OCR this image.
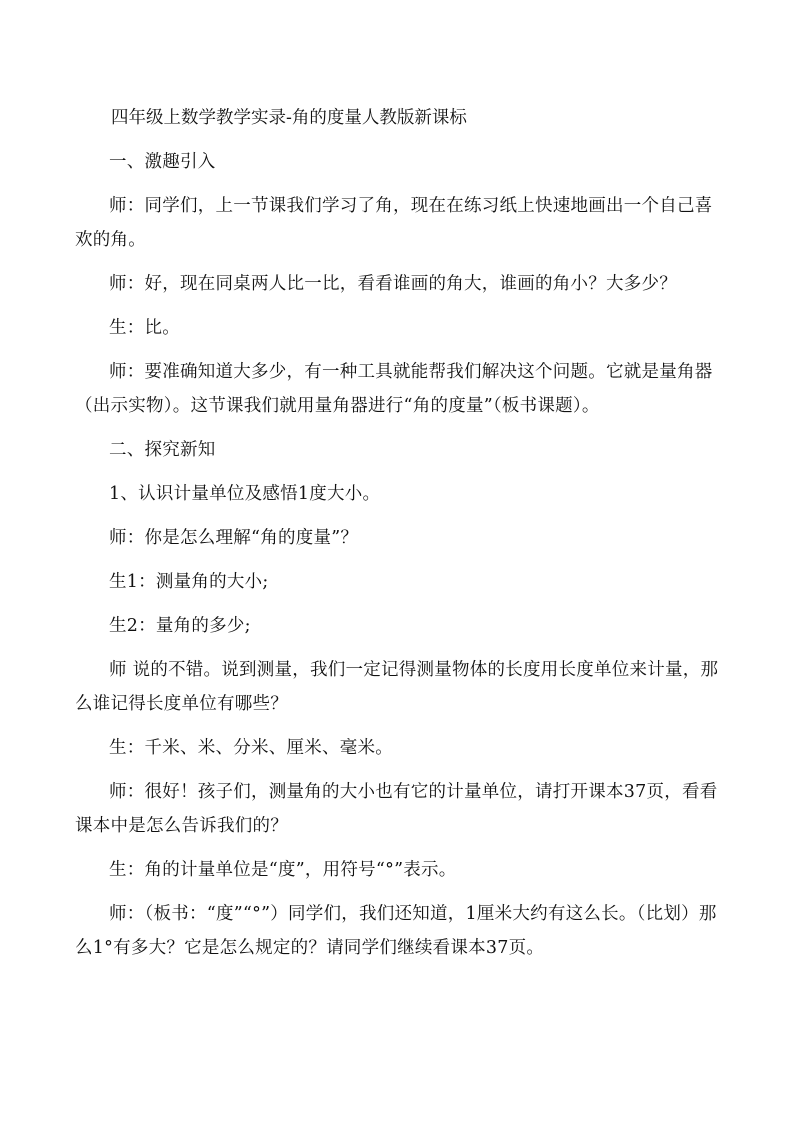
四年级上数学教学实录-角的度量人教版新课标

一、激趣引入

师：同学们，上一节课我们学习了角，现在在练习纸上快速地画出一个自己喜欢的角。

师：好，现在同桌两人比一比，看看谁画的角大，谁画的角小？大多少？

生：比。

师：要准确知道大多少，有一种工具就能帮我们解决这个问题。它就是量角器（出示实物）。这节课我们就用量角器进行“角的度量”（板书课题）。

二、探究新知

1、认识计量单位及感悟1度大小。

师：你是怎么理解“角的度量”？

生1：测量角的大小;

生2：量角的多少;

师 说的不错。说到测量，我们一定记得测量物体的长度用长度单位来计量，那么谁记得长度单位有哪些？

生：千米、米、分米、厘米、毫米。

师：很好！孩子们，测量角的大小也有它的计量单位，请打开课本37页，看看课本中是怎么告诉我们的？

生：角的计量单位是“度”，用符号“°”表示。

师：（板书：“度”“°”）同学们，我们还知道，1厘米大约有这么长。（比划）那么1°有多大？它是怎么规定的？请同学们继续看课本37页。
